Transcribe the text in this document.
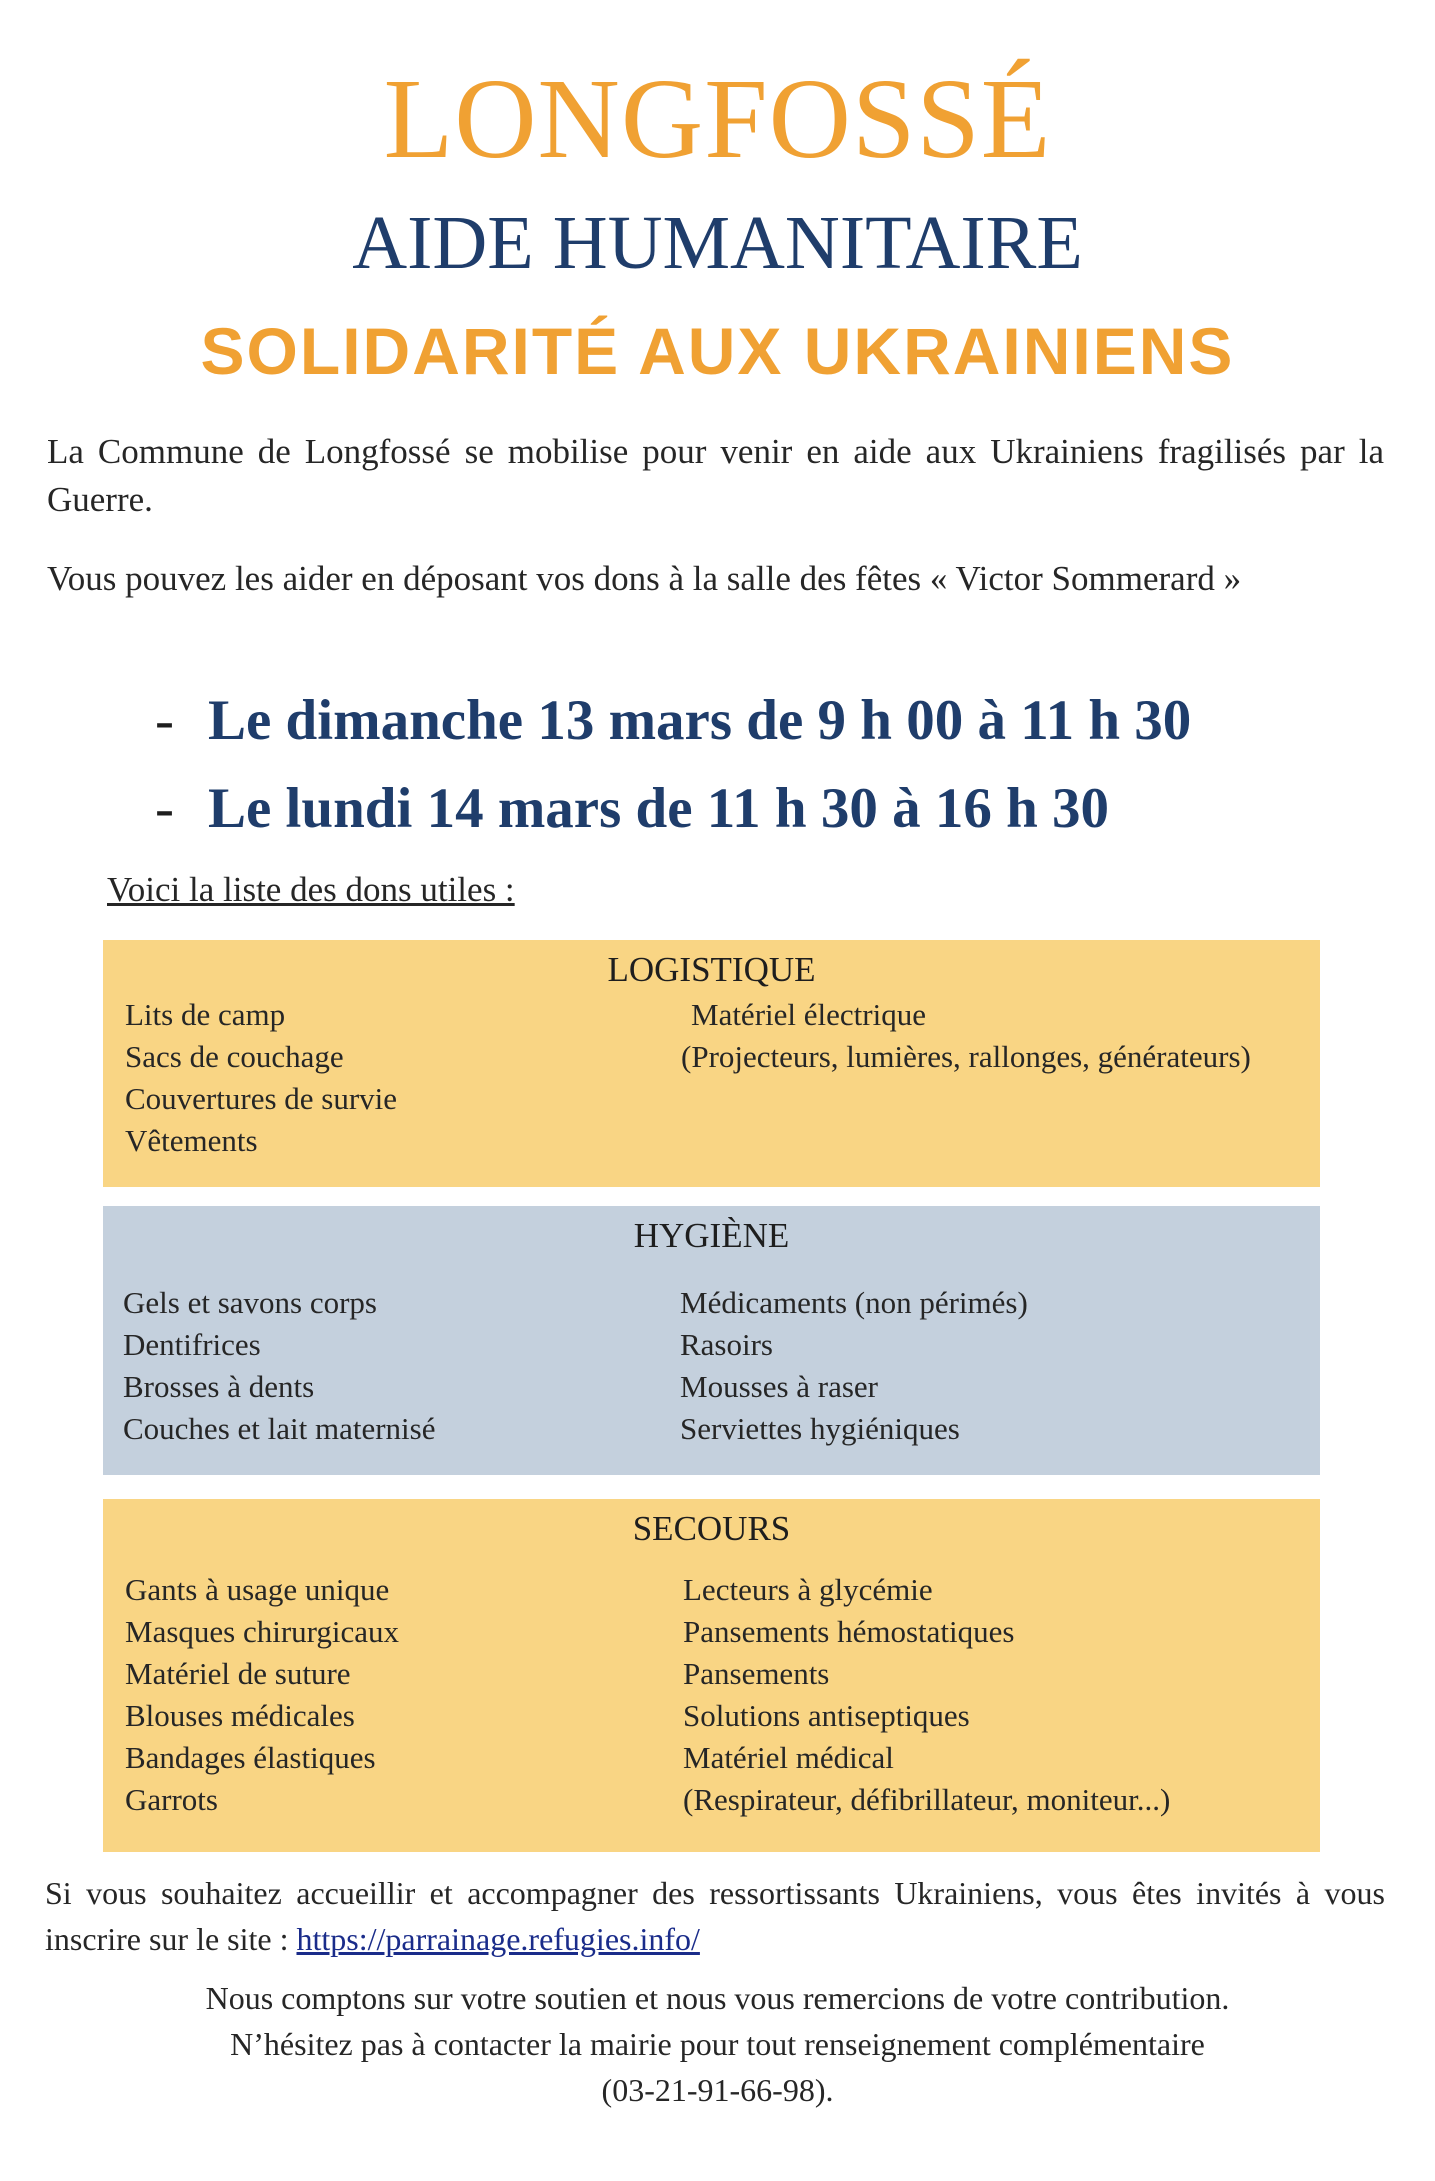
LONGFOSSÉ
AIDE HUMANITAIRE
SOLIDARITÉ AUX UKRAINIENS
La Commune de Longfossé se mobilise pour venir en aide aux Ukrainiens fragilisés par la Guerre.
Vous pouvez les aider en déposant vos dons à la salle des fêtes « Victor Sommerard »
- Le dimanche 13 mars de 9 h 00 à 11 h 30
- Le lundi 14 mars de 11 h 30 à 16 h 30
Voici la liste des dons utiles :
LOGISTIQUE
Lits de camp
Sacs de couchage
Couvertures de survie
Vêtements
Matériel électrique
(Projecteurs, lumières, rallonges, générateurs)
HYGIÈNE
Gels et savons corps
Dentifrices
Brosses à dents
Couches et lait maternisé
Médicaments (non périmés)
Rasoirs
Mousses à raser
Serviettes hygiéniques
SECOURS
Gants à usage unique
Masques chirurgicaux
Matériel de suture
Blouses médicales
Bandages élastiques
Garrots
Lecteurs à glycémie
Pansements hémostatiques
Pansements
Solutions antiseptiques
Matériel médical
(Respirateur, défibrillateur, moniteur...)
Si vous souhaitez accueillir et accompagner des ressortissants Ukrainiens, vous êtes invités à vous inscrire sur le site : https://parrainage.refugies.info/
Nous comptons sur votre soutien et nous vous remercions de votre contribution.
N’hésitez pas à contacter la mairie pour tout renseignement complémentaire
(03-21-91-66-98).
